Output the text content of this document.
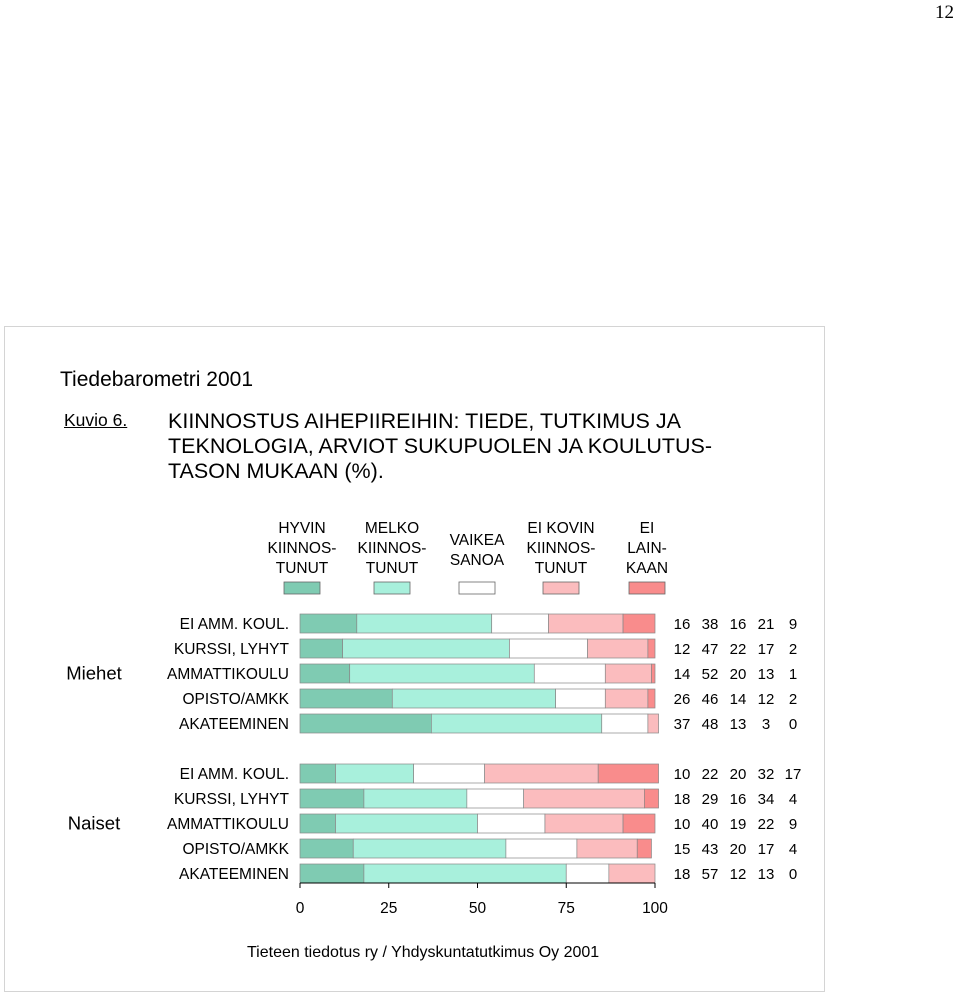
12
Tiedebarometri 2001
Kuvio 6. KIINNOSTUS AIHEPIIREIHIN: TIEDE, TUTKIMUS JA
TEKNOLOGIA, ARVIOT SUKUPUOLEN JA KOULUTUS-
TASON MUKAAN (%).
HYVIN
KIINNOS-
TUNUT
MELKO
KIINNOS-
TUNUT
VAIKEA
SANOA
EI KOVIN
KIINNOS-
TUNUT
EI
LAIN-
KAAN
Miehet
EI AMM. KOUL.	16 38 16 21 9
KURSSI, LYHYT	12 47 22 17 2
AMMATTIKOULU	14 52 20 13 1
OPISTO/AMKK	26 46 14 12 2
AKATEEMINEN	37 48 13 3 0
Naiset
EI AMM. KOUL.	10 22 20 32 17
KURSSI, LYHYT	18 29 16 34 4
AMMATTIKOULU	10 40 19 22 9
OPISTO/AMKK	15 43 20 17 4
AKATEEMINEN	18 57 12 13 0
0	25	50	75	100
Tieteen tiedotus ry / Yhdyskuntatutkimus Oy 2001
